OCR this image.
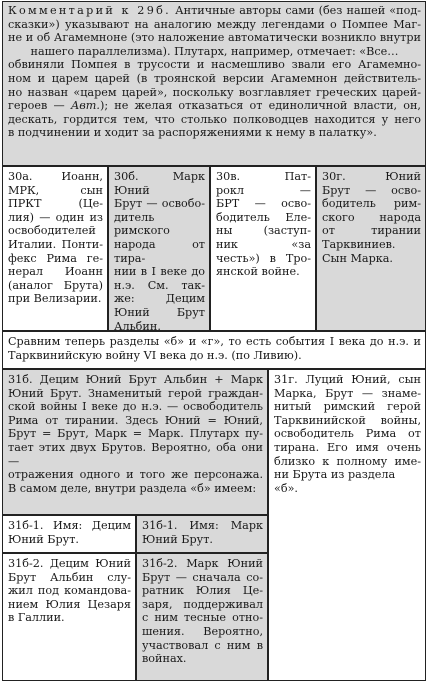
Комментарий к 29б. Античные авторы сами (без нашей «под-
сказки») указывают на аналогию между легендами о Помпее Маг-
не и об Агамемноне (это наложение автоматически возникло внутри
нашего параллелизма). Плутарх, например, отмечает: «Все…
обвиняли Помпея в трусости и насмешливо звали его Агамемно-
ном и царем царей (в троянской версии Агамемнон действитель-
но назван «царем царей», поскольку возглавляет греческих царей-
героев — Авт.); не желая отказаться от единоличной власти, он,
дескать, гордится тем, что столько полководцев находится у него
в подчинении и ходит за распоряжениями к нему в палатку».
30а. Иоанн,
МРК, сын
ПРКТ (Це-
лия) — один из
освободителей
Италии. Понти-
фекс Рима ге-
нерал Иоанн
(аналог Брута)
при Велизарии.
30б. Марк Юний
Брут — освобо-
дитель римского
народа от тира-
нии в I веке до
н.э. См. так-
же: Децим
Юний Брут
Альбин.
30в. Пат-
рокл —
БРТ — осво-
бодитель Еле-
ны (заступ-
ник «за
честь») в Тро-
янской войне.
30г. Юний
Брут — осво-
бодитель рим-
ского народа
от тирании
Тарквиниев.
Сын Марка.
Сравним теперь разделы «б» и «г», то есть события I века до н.э. и
Тарквинийскую войну VI века до н.э. (по Ливию).
31б. Децим Юний Брут Альбин + Марк
Юний Брут. Знаменитый герой граждан-
ской войны I веке до н.э. — освободитель
Рима от тирании. Здесь Юний = Юний,
Брут = Брут, Марк = Марк. Плутарх пу-
тает этих двух Брутов. Вероятно, оба они —
отражения одного и того же персонажа.
В самом деле, внутри раздела «б» имеем:
31г. Луций Юний, сын
Марка, Брут — знаме-
нитый римский герой
Тарквинийской войны,
освободитель Рима от
тирана. Его имя очень
близко к полному име-
ни Брута из раздела «б».
31б-1. Имя: Децим
Юний Брут.
31б-1. Имя: Марк
Юний Брут.
31б-2. Децим Юний
Брут Альбин слу-
жил под командова-
нием Юлия Цезаря
в Галлии.
31б-2. Марк Юний
Брут — сначала со-
ратник Юлия Це-
заря, поддерживал
с ним тесные отно-
шения. Вероятно,
участвовал с ним в
войнах.
